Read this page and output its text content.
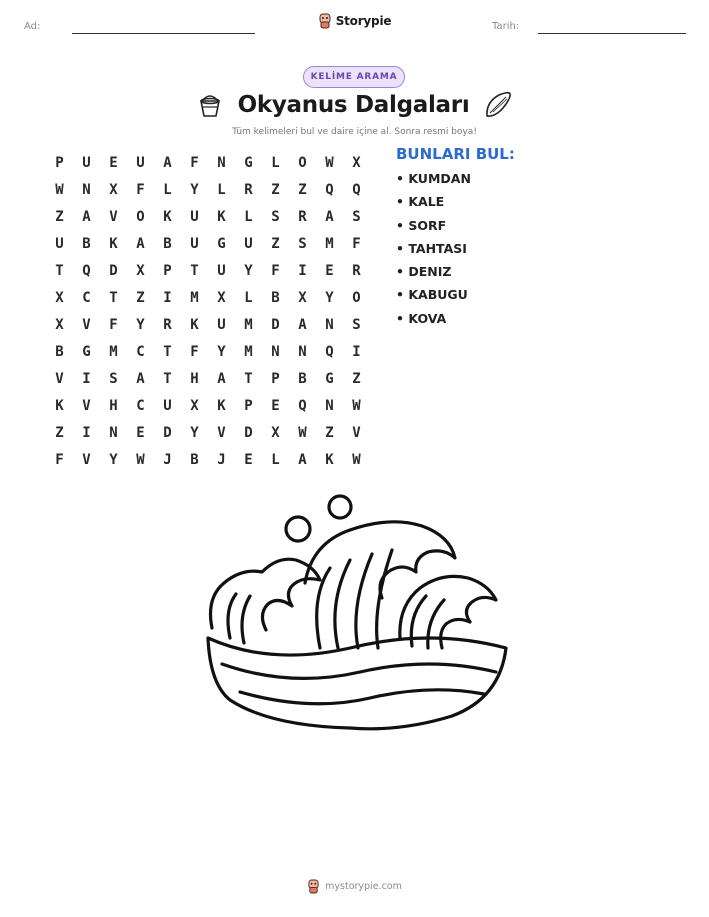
Ad:	Storypie	Tarih:
KELİME ARAMA
Okyanus Dalgaları
Tüm kelimeleri bul ve daire içine al. Sonra resmi boya!
P	U	E	U	A	F	N	G	L	O	W	X
W	N	X	F	L	Y	L	R	Z	Z	Q	Q
Z	A	V	O	K	U	K	L	S	R	A	S
U	B	K	A	B	U	G	U	Z	S	M	F
T	Q	D	X	P	T	U	Y	F	I	E	R
X	C	T	Z	I	M	X	L	B	X	Y	O
X	V	F	Y	R	K	U	M	D	A	N	S
B	G	M	C	T	F	Y	M	N	N	Q	I
V	I	S	A	T	H	A	T	P	B	G	Z
K	V	H	C	U	X	K	P	E	Q	N	W
Z	I	N	E	D	Y	V	D	X	W	Z	V
F	V	Y	W	J	B	J	E	L	A	K	W
BUNLARI BUL:
• KUMDAN
• KALE
• SORF
• TAHTASI
• DENIZ
• KABUGU
• KOVA
mystorypie.com
